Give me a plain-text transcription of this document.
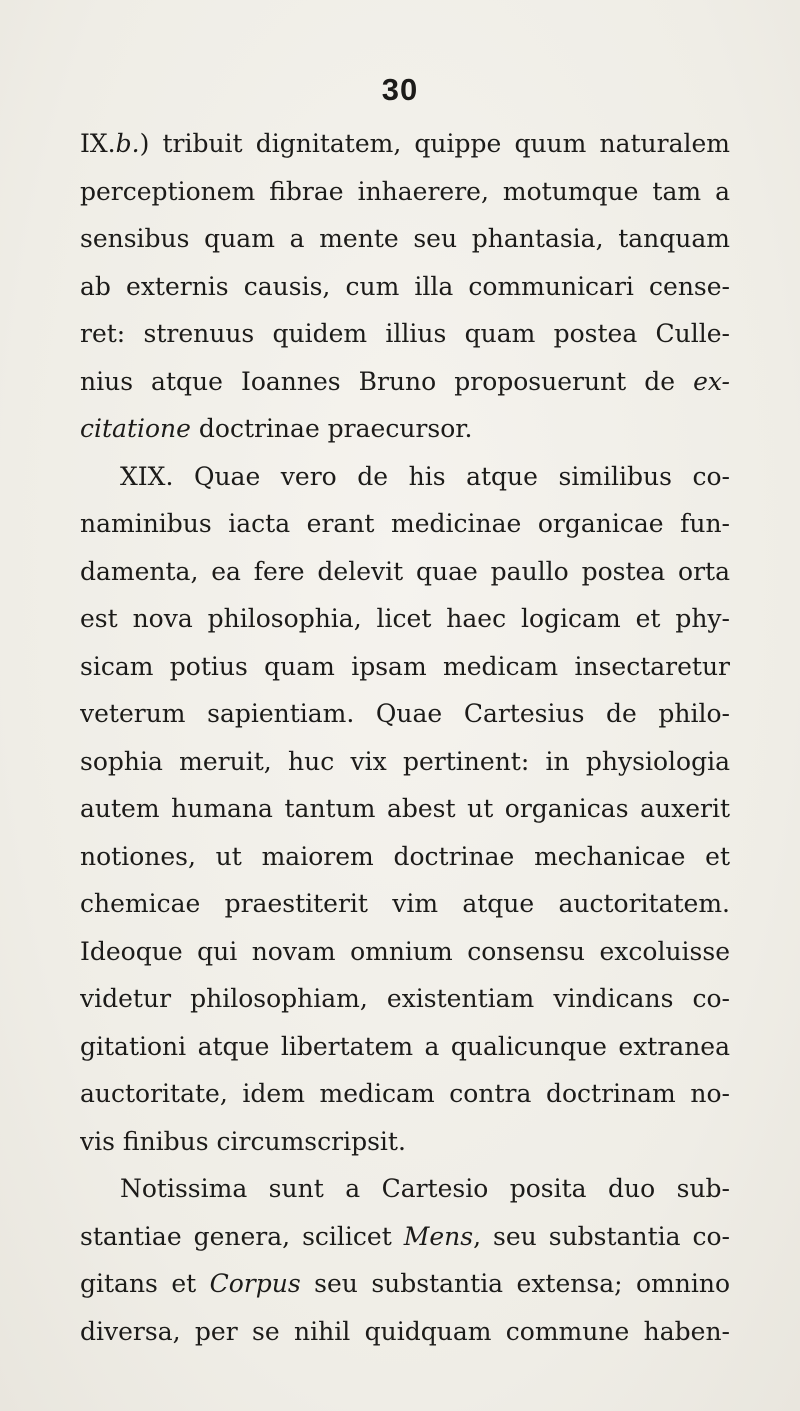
30
IX.b.) tribuit dignitatem, quippe quum naturalem
perceptionem fibrae inhaerere, motumque tam a
sensibus quam a mente seu phantasia, tanquam
ab externis causis, cum illa communicari cense-
ret: strenuus quidem illius quam postea Culle-
nius atque Ioannes Bruno proposuerunt de ex-
citatione doctrinae praecursor.
XIX. Quae vero de his atque similibus co-
naminibus iacta erant medicinae organicae fun-
damenta, ea fere delevit quae paullo postea orta
est nova philosophia, licet haec logicam et phy-
sicam potius quam ipsam medicam insectaretur
veterum sapientiam. Quae Cartesius de philo-
sophia meruit, huc vix pertinent: in physiologia
autem humana tantum abest ut organicas auxerit
notiones, ut maiorem doctrinae mechanicae et
chemicae praestiterit vim atque auctoritatem.
Ideoque qui novam omnium consensu excoluisse
videtur philosophiam, existentiam vindicans co-
gitationi atque libertatem a qualicunque extranea
auctoritate, idem medicam contra doctrinam no-
vis finibus circumscripsit.
Notissima sunt a Cartesio posita duo sub-
stantiae genera, scilicet Mens, seu substantia co-
gitans et Corpus seu substantia extensa; omnino
diversa, per se nihil quidquam commune haben-
